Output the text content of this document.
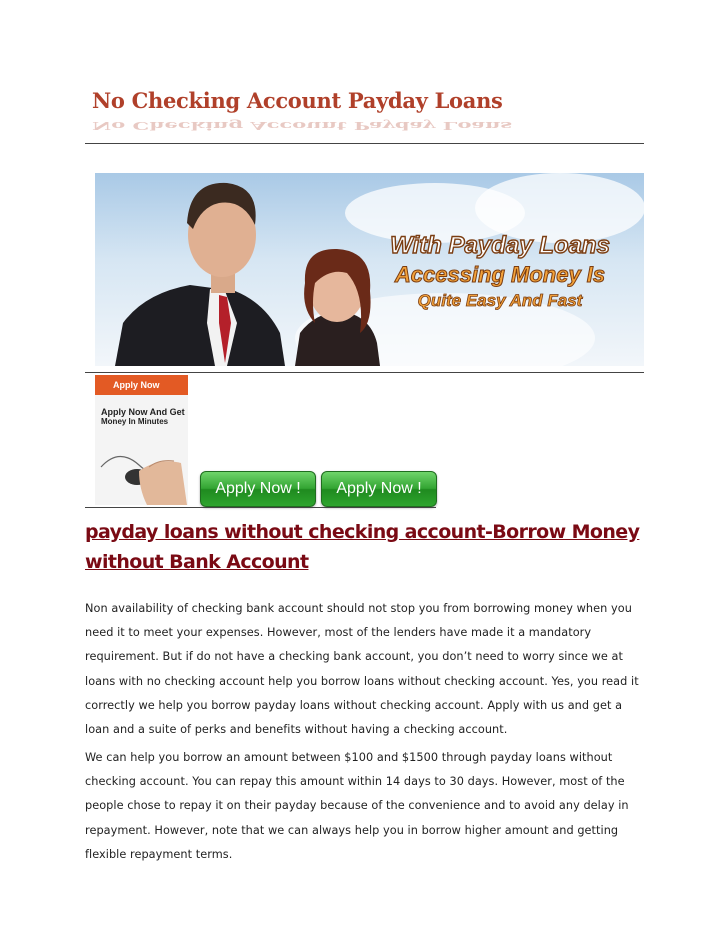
No Checking Account Payday Loans
No Checking Account Payday Loans
With Payday Loans
Accessing Money Is
Quite Easy And Fast
Apply Now
Apply Now And Get
Money In Minutes
Apply Now !	Apply Now !
payday loans without checking account-Borrow Money without Bank Account

Non availability of checking bank account should not stop you from borrowing money when you need it to meet your expenses. However, most of the lenders have made it a mandatory requirement. But if do not have a checking bank account, you don’t need to worry since we at loans with no checking account help you borrow loans without checking account. Yes, you read it correctly we help you borrow payday loans without checking account. Apply with us and get a loan and a suite of perks and benefits without having a checking account.

We can help you borrow an amount between $100 and $1500 through payday loans without checking account. You can repay this amount within 14 days to 30 days. However, most of the people chose to repay it on their payday because of the convenience and to avoid any delay in repayment. However, note that we can always help you in borrow higher amount and getting flexible repayment terms.
